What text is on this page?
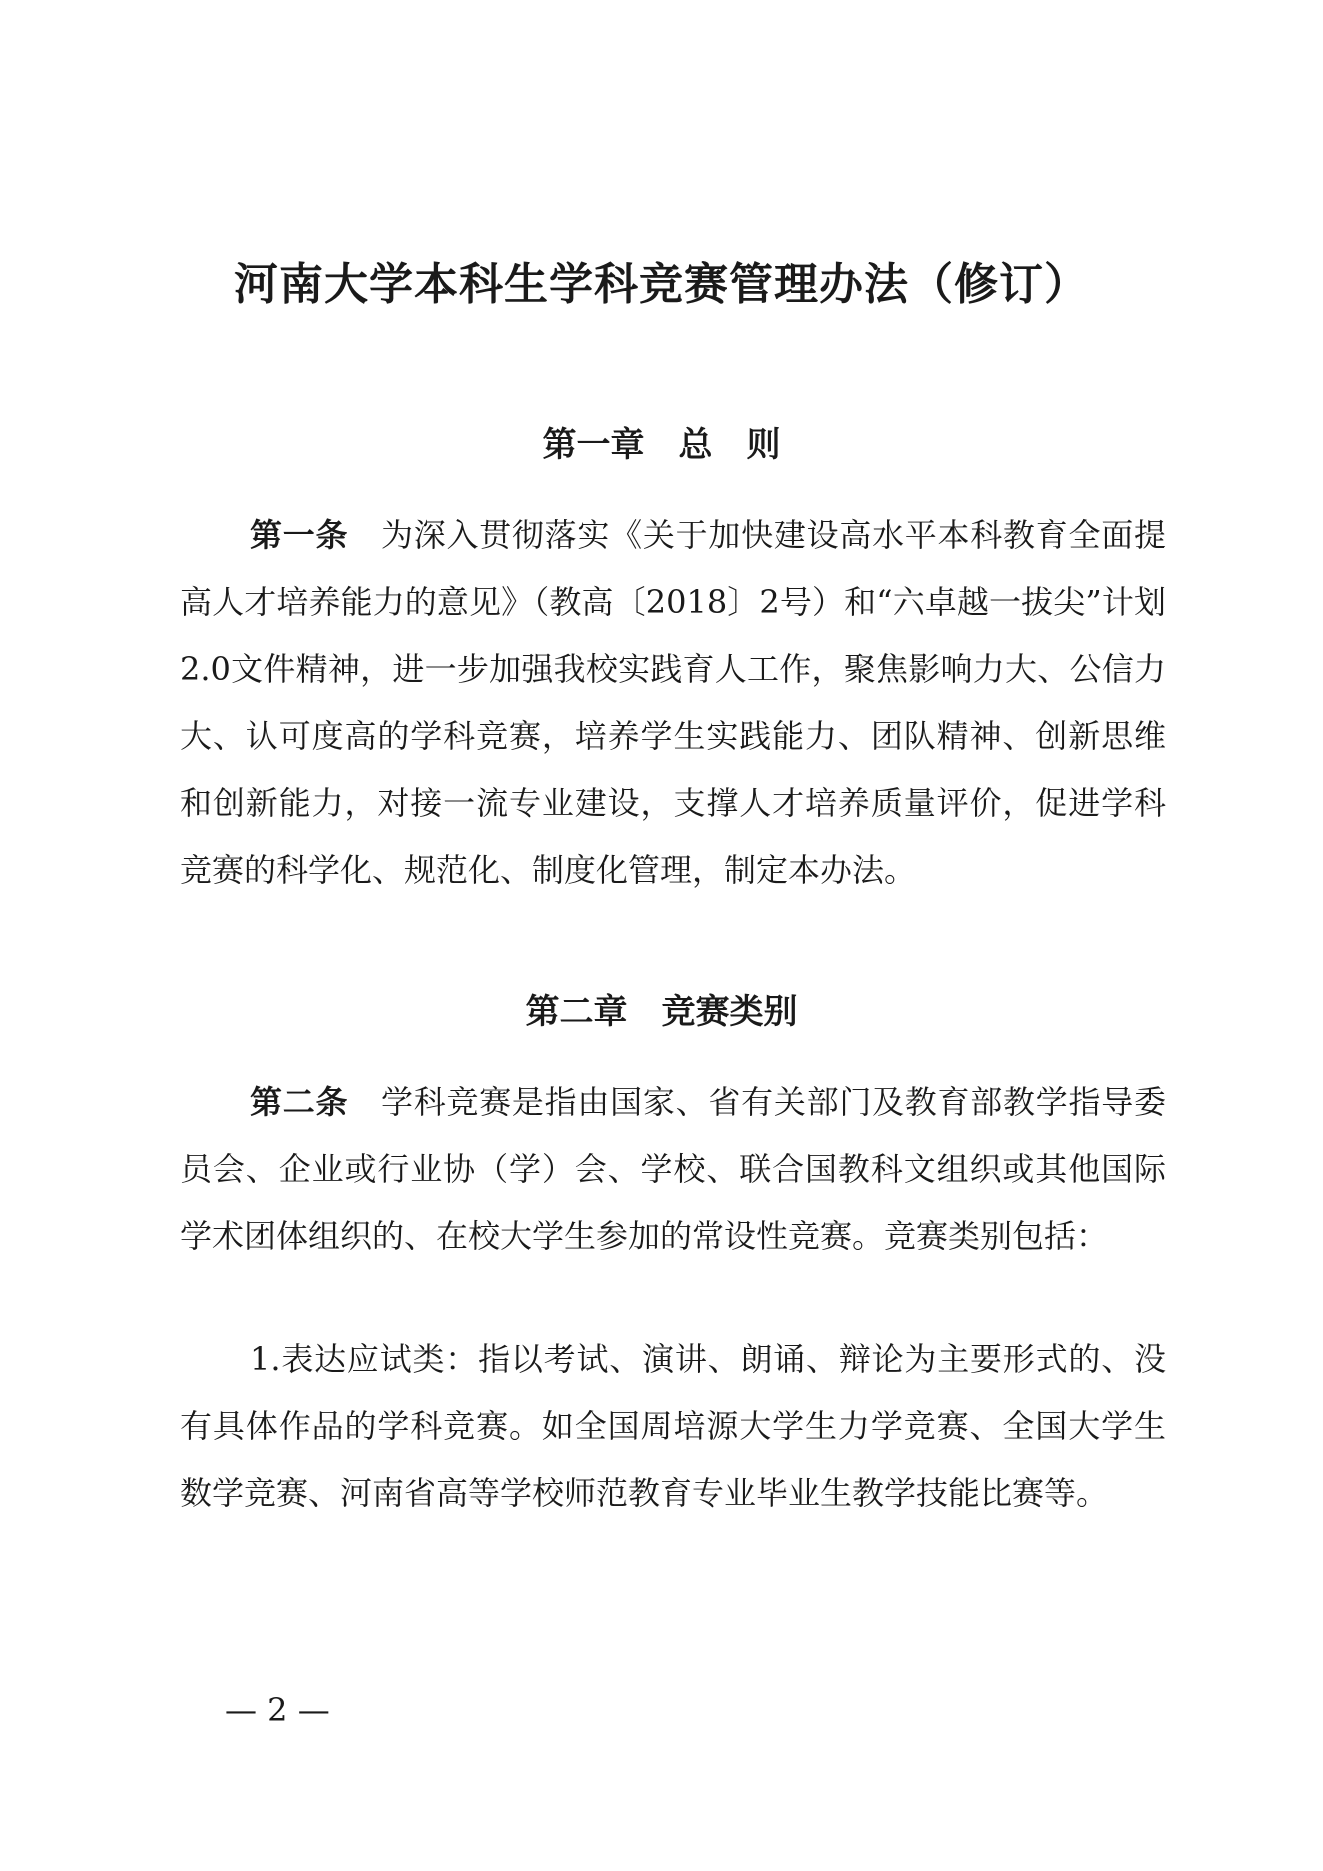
河南大学本科生学科竞赛管理办法（修订）
第一章　总　则

第一条　为深入贯彻落实《关于加快建设高水平本科教育全面提高人才培养能力的意见》（教高〔2018〕2号）和“六卓越一拔尖”计划2.0文件精神，进一步加强我校实践育人工作，聚焦影响力大、公信力大、认可度高的学科竞赛，培养学生实践能力、团队精神、创新思维和创新能力，对接一流专业建设，支撑人才培养质量评价，促进学科竞赛的科学化、规范化、制度化管理，制定本办法。

第二章　竞赛类别

第二条　学科竞赛是指由国家、省有关部门及教育部教学指导委员会、企业或行业协（学）会、学校、联合国教科文组织或其他国际学术团体组织的、在校大学生参加的常设性竞赛。竞赛类别包括：

1.表达应试类：指以考试、演讲、朗诵、辩论为主要形式的、没有具体作品的学科竞赛。如全国周培源大学生力学竞赛、全国大学生数学竞赛、河南省高等学校师范教育专业毕业生教学技能比赛等。

— 2 —
